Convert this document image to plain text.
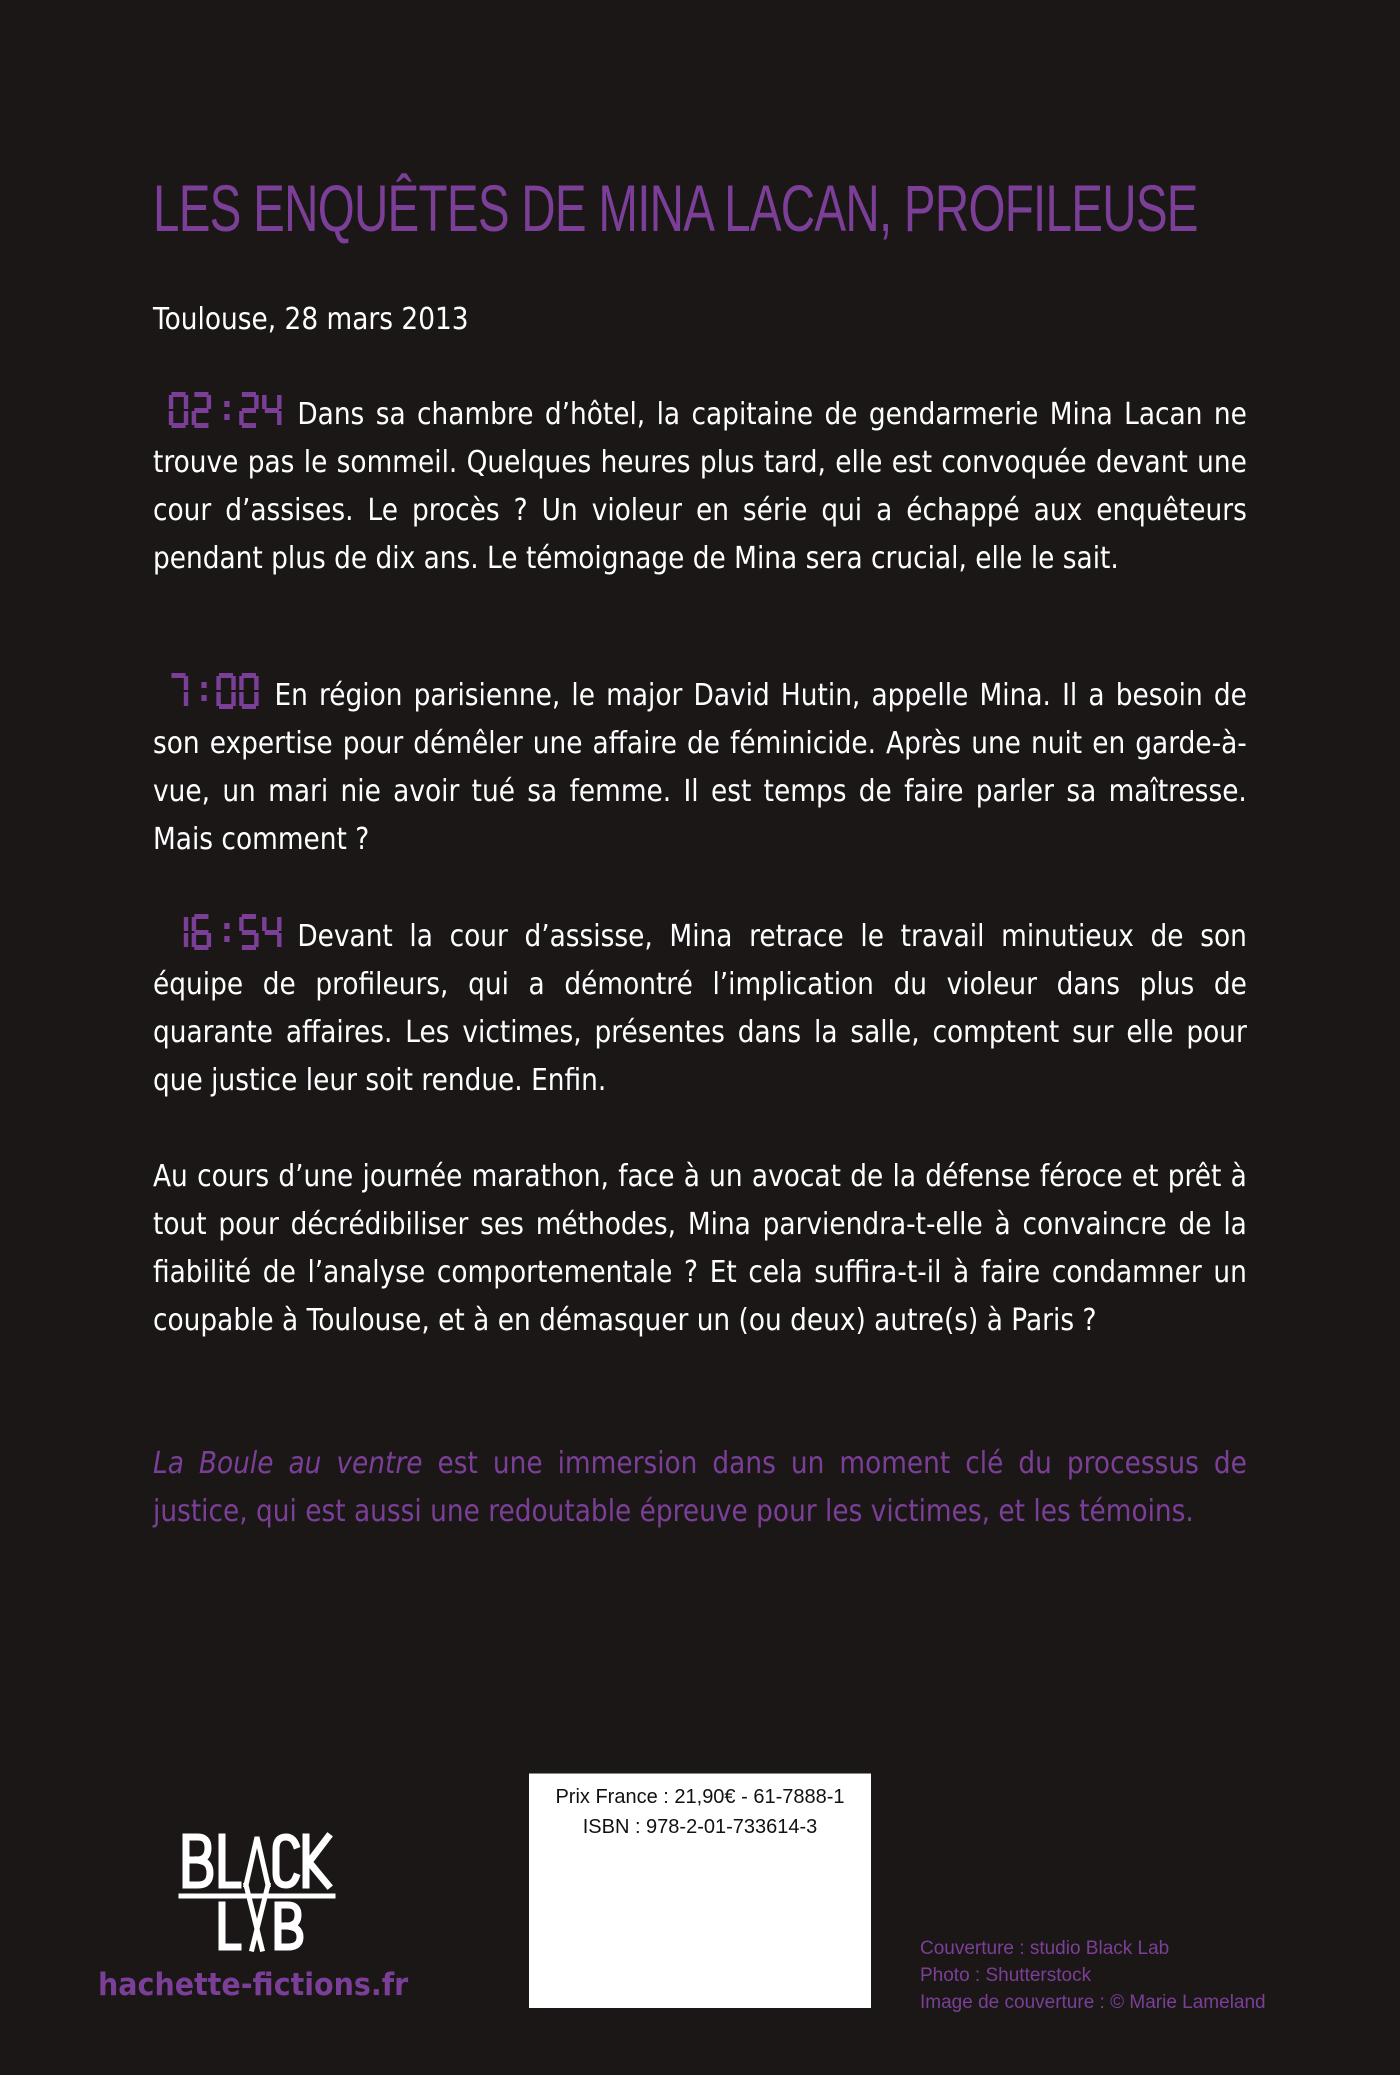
LES ENQUÊTES DE MINA LACAN, PROFILEUSE
Toulouse, 28 mars 2013
Dans sa chambre d’hôtel, la capitaine de gendarmerie Mina Lacan ne trouve pas le sommeil. Quelques heures plus tard, elle est convoquée devant une cour d’assises. Le procès ? Un violeur en série qui a échappé aux enquêteurs pendant plus de dix ans. Le témoignage de Mina sera crucial, elle le sait.
En région parisienne, le major David Hutin, appelle Mina. Il a besoin de son expertise pour démêler une affaire de féminicide. Après une nuit en garde-à-vue, un mari nie avoir tué sa femme. Il est temps de faire parler sa maîtresse. Mais comment ?
Devant la cour d’assisse, Mina retrace le travail minutieux de son équipe de profileurs, qui a démontré l’implication du violeur dans plus de quarante affaires. Les victimes, présentes dans la salle, comptent sur elle pour que justice leur soit rendue. Enfin.
Au cours d’une journée marathon, face à un avocat de la défense féroce et prêt à tout pour décrédibiliser ses méthodes, Mina parviendra-t-elle à convaincre de la fiabilité de l’analyse comportementale ? Et cela suffira-t-il à faire condamner un coupable à Toulouse, et à en démasquer un (ou deux) autre(s) à Paris ?
La Boule au ventre est une immersion dans un moment clé du processus de justice, qui est aussi une redoutable épreuve pour les victimes, et les témoins.
hachette-fictions.fr
Prix France : 21,90€ - 61-7888-1
ISBN : 978-2-01-733614-3
Couverture : studio Black Lab
Photo : Shutterstock
Image de couverture : © Marie Lameland
